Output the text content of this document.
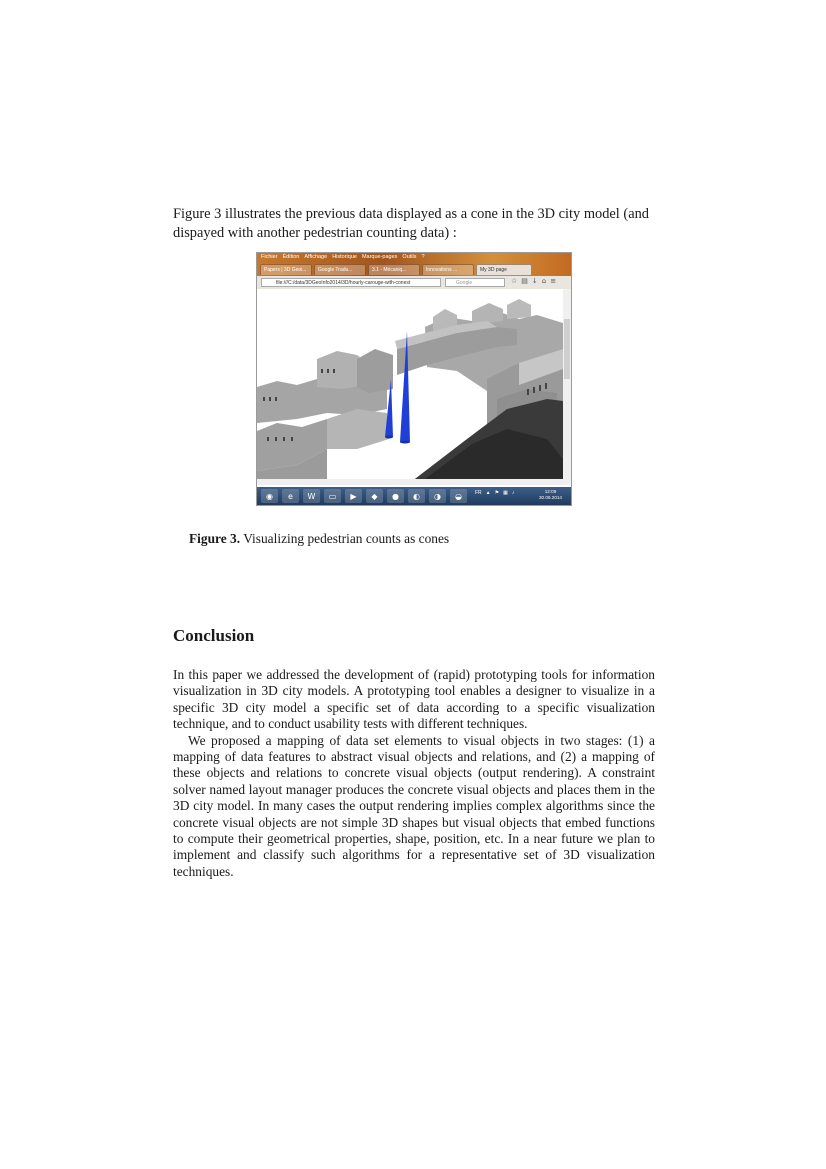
Figure 3 illustrates the previous data displayed as a cone in the 3D city model (and dispayed with another pedestrian counting data) :

Fichier Édition Affichage Historique Marque-pages Outils ?
Papers | 3D Geoi...	Google Tradu...	3.1 - Mécaniq...	Innovations ...	My 3D page
file:///C:/data/3DGeoInfo2014/3D/hourly-carouge-with-conest	Google	☆ ▤ ↓ ⌂ ≡
◉	e	W	▭	▶	◆	●	◐	◑	◒	FR ▲ ⚑ ▦ ♪	12:09
30.06.2014

Figure 3. Visualizing pedestrian counts as cones

Conclusion

In this paper we addressed the development of (rapid) prototyping tools for information visualization in 3D city models. A prototyping tool enables a designer to visualize in a specific 3D city model a specific set of data according to a specific visualization technique, and to conduct usability tests with different techniques.

We proposed a mapping of data set elements to visual objects in two stages: (1) a mapping of data features to abstract visual objects and relations, and (2) a mapping of these objects and relations to concrete visual objects (output rendering). A constraint solver named layout manager produces the concrete visual objects and places them in the 3D city model. In many cases the output rendering implies complex algorithms since the concrete visual objects are not simple 3D shapes but visual objects that embed functions to compute their geometrical properties, shape, position, etc. In a near future we plan to implement and classify such algorithms for a representative set of 3D visualization techniques.
